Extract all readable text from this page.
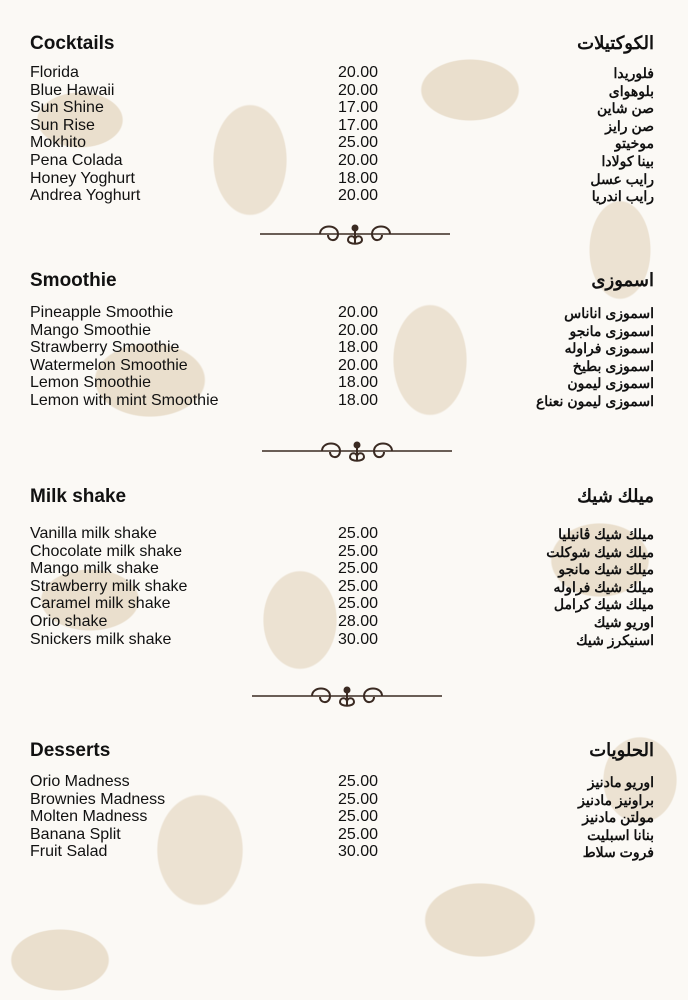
Cocktails	الكوكتيلات
Florida	20.00	فلوريدا
Blue Hawaii	20.00	بلوهواى
Sun Shine	17.00	صن شاين
Sun Rise	17.00	صن رايز
Mokhito	25.00	موخيتو
Pena Colada	20.00	بينا كولادا
Honey Yoghurt	18.00	رايب عسل
Andrea Yoghurt	20.00	رايب اندريا
Smoothie	اسموزى
Pineapple Smoothie	20.00	اسموزى اناناس
Mango Smoothie	20.00	اسموزى مانجو
Strawberry Smoothie	18.00	اسموزى فراوله
Watermelon Smoothie	20.00	اسموزى بطيخ
Lemon Smoothie	18.00	اسموزى ليمون
Lemon with mint Smoothie	18.00	اسموزى ليمون نعناع
Milk shake	ميلك شيك
Vanilla milk shake	25.00	ميلك شيك ڤانيليا
Chocolate milk shake	25.00	ميلك شيك شوكلت
Mango milk shake	25.00	ميلك شيك مانجو
Strawberry milk shake	25.00	ميلك شيك فراوله
Caramel milk shake	25.00	ميلك شيك كرامل
Orio shake	28.00	اوريو شيك
Snickers milk shake	30.00	اسنيكرز شيك
Desserts	الحلويات
Orio Madness	25.00	اوريو مادنيز
Brownies Madness	25.00	براونيز مادنيز
Molten Madness	25.00	مولتن مادنيز
Banana Split	25.00	بنانا اسبليت
Fruit Salad	30.00	فروت سلاط
